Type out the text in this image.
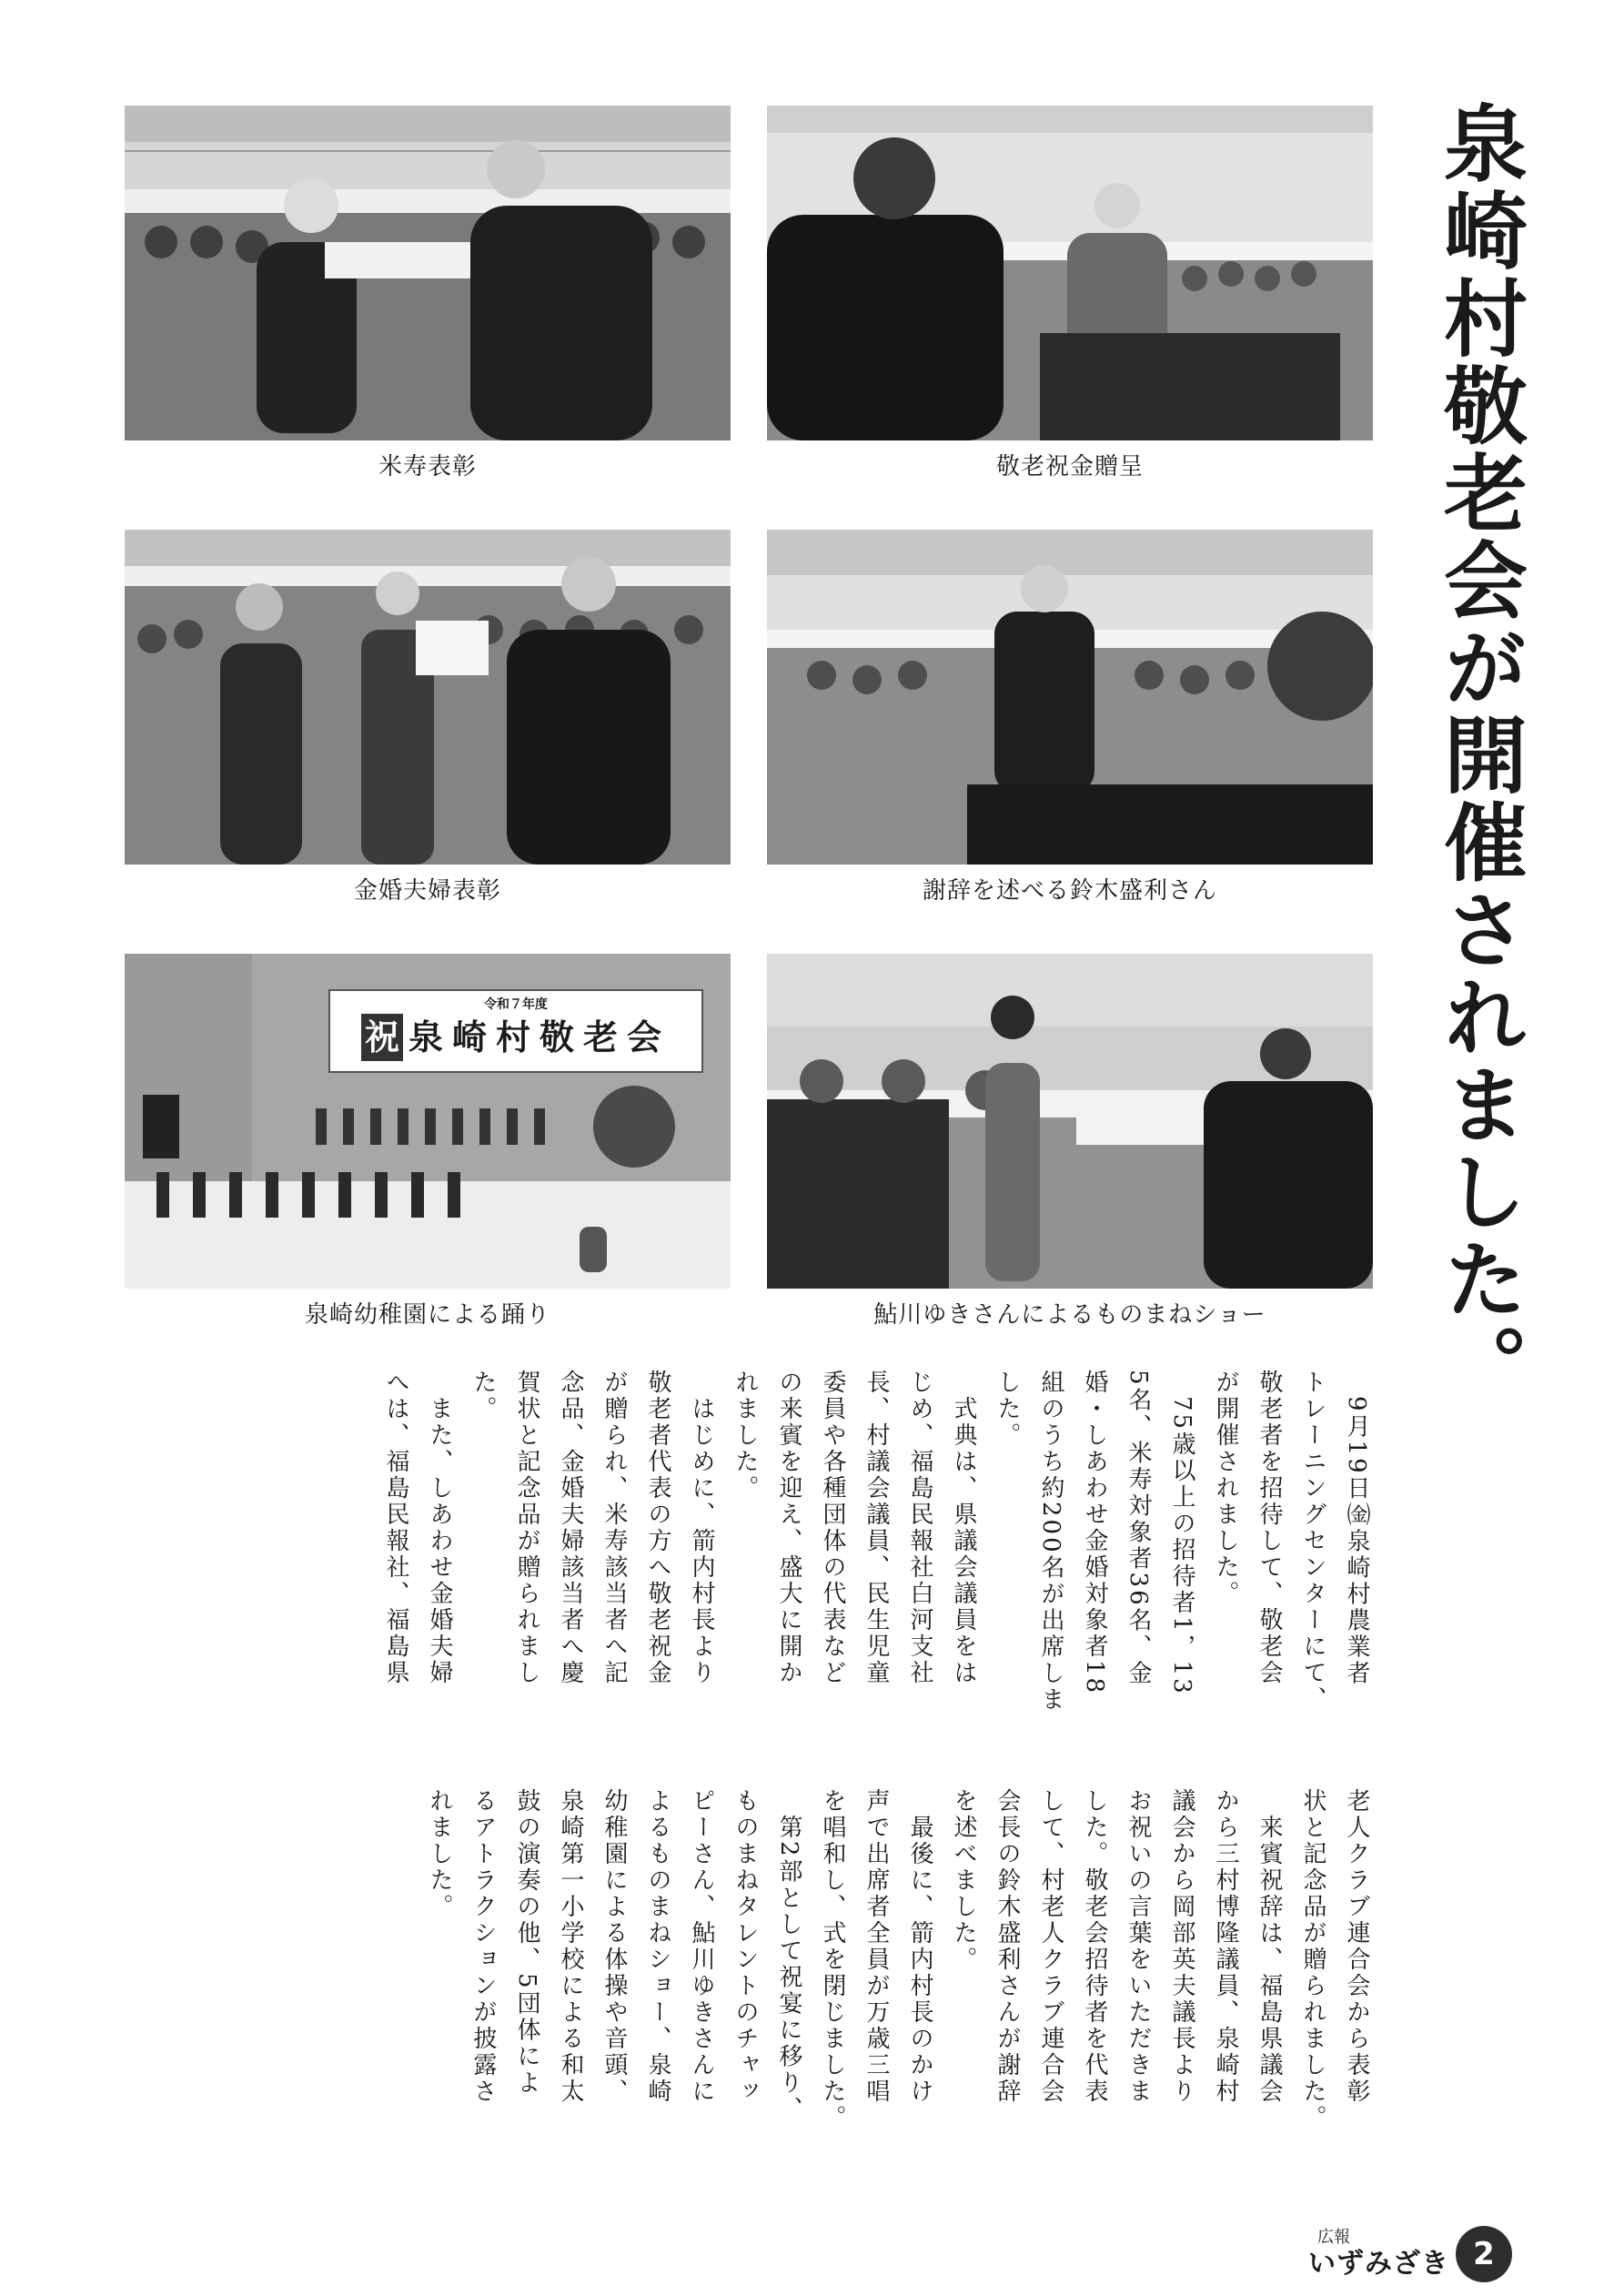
米寿表彰	敬老祝金贈呈
金婚夫婦表彰	謝辞を述べる鈴木盛利さん
令和７年度
祝 泉崎村敬老会
泉崎幼稚園による踊り	鮎川ゆきさんによるものまねショー	泉崎村敬老会が開催されました。
　9月19日㈮泉崎村農業者
トレーニングセンターにて、
敬老者を招待して、敬老会
が開催されました。
　75歳以上の招待者1，13
5名、米寿対象者36名、金
婚・しあわせ金婚対象者18
組のうち約200名が出席しま
した。
　式典は、県議会議員をは
じめ、福島民報社白河支社
長、村議会議員、民生児童
委員や各種団体の代表など
の来賓を迎え、盛大に開か
れました。
　はじめに、箭内村長より
敬老者代表の方へ敬老祝金
が贈られ、米寿該当者へ記
念品、金婚夫婦該当者へ慶
賀状と記念品が贈られまし
た。
　また、しあわせ金婚夫婦
へは、福島民報社、福島県
老人クラブ連合会から表彰
状と記念品が贈られました。
　来賓祝辞は、福島県議会
から三村博隆議員、泉崎村
議会から岡部英夫議長より
お祝いの言葉をいただきま
した。敬老会招待者を代表
して、村老人クラブ連合会
会長の鈴木盛利さんが謝辞
を述べました。
　最後に、箭内村長のかけ
声で出席者全員が万歳三唱
を唱和し、式を閉じました。
　第2部として祝宴に移り、
ものまねタレントのチャッ
ピーさん、鮎川ゆきさんに
よるものまねショー、泉崎
幼稚園による体操や音頭、
泉崎第一小学校による和太
鼓の演奏の他、5団体によ
るアトラクションが披露さ
れました。
広報
いずみざき 2
